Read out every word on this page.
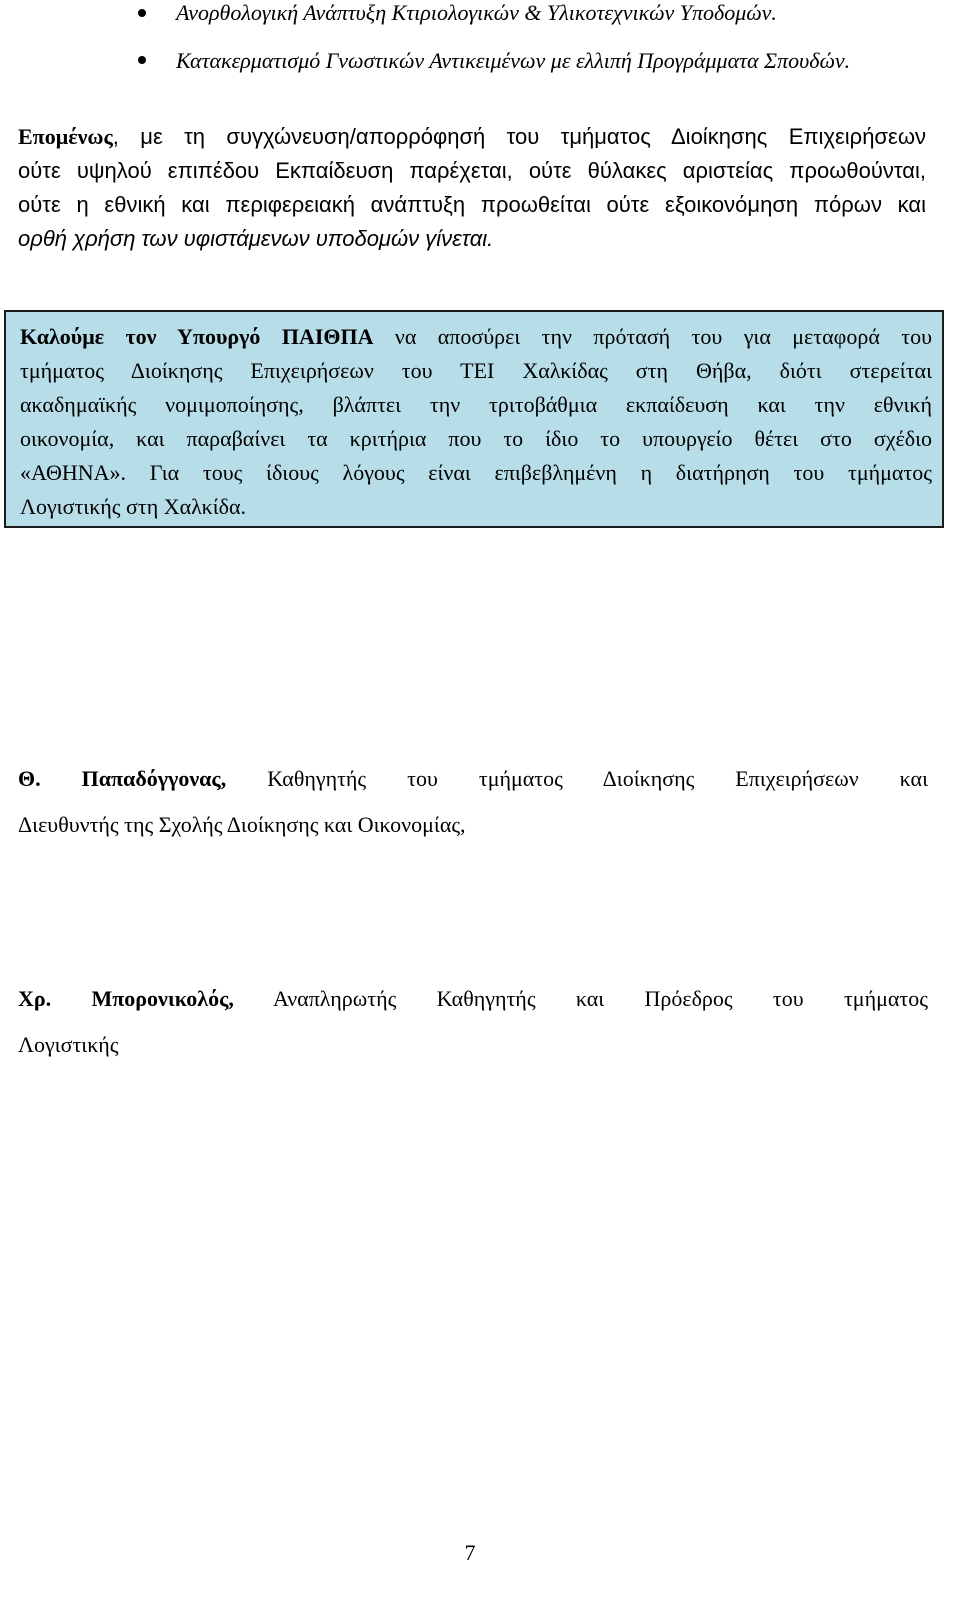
Ανορθολογική Ανάπτυξη Κτιριολογικών & Υλικοτεχνικών Υποδομών.
Κατακερματισμό Γνωστικών Αντικειμένων με ελλιπή Προγράμματα Σπουδών.
Επομένως, με τη συγχώνευση/απορρόφησή του τμήματος Διοίκησης Επιχειρήσεων
ούτε υψηλού επιπέδου Εκπαίδευση παρέχεται, ούτε θύλακες αριστείας προωθούνται,
ούτε η εθνική και περιφερειακή ανάπτυξη προωθείται ούτε εξοικονόμηση πόρων και
ορθή χρήση των υφιστάμενων υποδομών γίνεται.
Καλούμε τον Υπουργό ΠΑΙΘΠΑ να αποσύρει την πρότασή του για μεταφορά του
τμήματος Διοίκησης Επιχειρήσεων του ΤΕΙ Χαλκίδας στη Θήβα, διότι στερείται
ακαδημαϊκής νομιμοποίησης, βλάπτει την τριτοβάθμια εκπαίδευση και την εθνική
οικονομία, και παραβαίνει τα κριτήρια που το ίδιο το υπουργείο θέτει στο σχέδιο
«ΑΘΗΝΑ». Για τους ίδιους λόγους είναι επιβεβλημένη η διατήρηση του τμήματος
Λογιστικής στη Χαλκίδα.
Θ. Παπαδόγγονας, Καθηγητής του τμήματος Διοίκησης Επιχειρήσεων και
Διευθυντής της Σχολής Διοίκησης και Οικονομίας,
Χρ. Μπορονικολός, Αναπληρωτής Καθηγητής και Πρόεδρος του τμήματος
Λογιστικής
7
